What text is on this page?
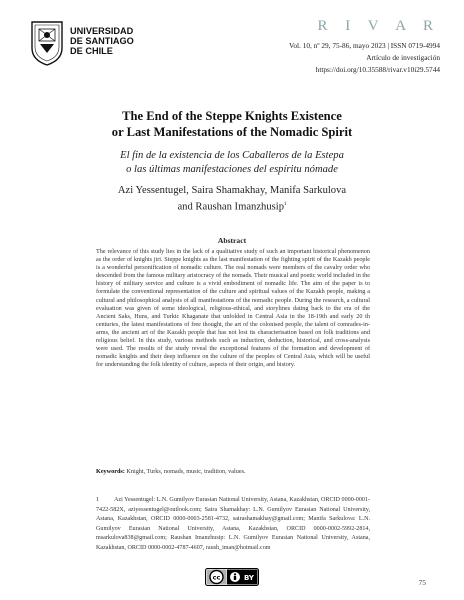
UNIVERSIDAD
DE SANTIAGO
DE CHILE
R I V A R
Vol. 10, nº 29, 75-86, mayo 2023 | ISSN 0719-4994
Artículo de investigación
https://doi.org/10.35588/rivar.v10i29.5744
The End of the Steppe Knights Existence
or Last Manifestations of the Nomadic Spirit
El fin de la existencia de los Caballeros de la Estepa
o las últimas manifestaciones del espíritu nómade
Azi Yessentugel, Saira Shamakhay, Manifa Sarkulova
and Raushan Imanzhusip$^1$
Abstract

The relevance of this study lies in the lack of a qualitative study of such an important historical phenomenon as the order of knights jiri. Steppe knights as the last manifestation of the fighting spirit of the Kazakh people is a wonderful personification of nomadic culture. The real nomads were members of the cavalry order who descended from the famous military aristocracy of the nomads. Their musical and poetic world included in the history of military service and culture is a vivid embodiment of nomadic life. The aim of the paper is to formulate the conventional representation of the culture and spiritual values of the Kazakh people, making a cultural and philosophical analysis of all manifestations of the nomadic people. During the research, a cultural evaluation was given of some ideological, religious-ethical, and storylines dating back to the era of the Ancient Saks, Huns, and Turkic Khaganate that unfolded in Central Asia in the 18-19th and early 20 th centuries, the latest manifestations of free thought, the art of the colonised people, the talent of comrades-in-arms, the ancient art of the Kazakh people that has not lost its characterisation based on folk traditions and religious belief. In this study, various methods such as induction, deduction, historical, and cross-analysis were used. The results of the study reveal the exceptional features of the formation and development of nomadic knights and their deep influence on the culture of the peoples of Central Asia, which will be useful for understanding the folk identity of culture, aspects of their origin, and history.

Keywords: Knight, Turks, nomads, music, tradition, values.
1 Azi Yessentugel: L.N. Gumilyov Eurasian National University, Astana, Kazakhstan, ORCID 0000-0001-7422-582X, aziyessentugel@outlook.com; Saira Shamakhay: L.N. Gumilyov Eurasian National University, Astana, Kazakhstan, ORCID 0000-0003-2581-4732, sairashamakhay@gmail.com; Manifa Sarkulova: L.N. Gumilyov Eurasian National University, Astana, Kazakhstan, ORCID 0000-0002-5992-2814, msarkulova838@gmail.com; Raushan Imanzhusip: L.N. Gumilyov Eurasian National University, Astana, Kazakhstan, ORCID 0000-0002-4787-4607, raush_iman@hotmail.com
cc	BY	75
